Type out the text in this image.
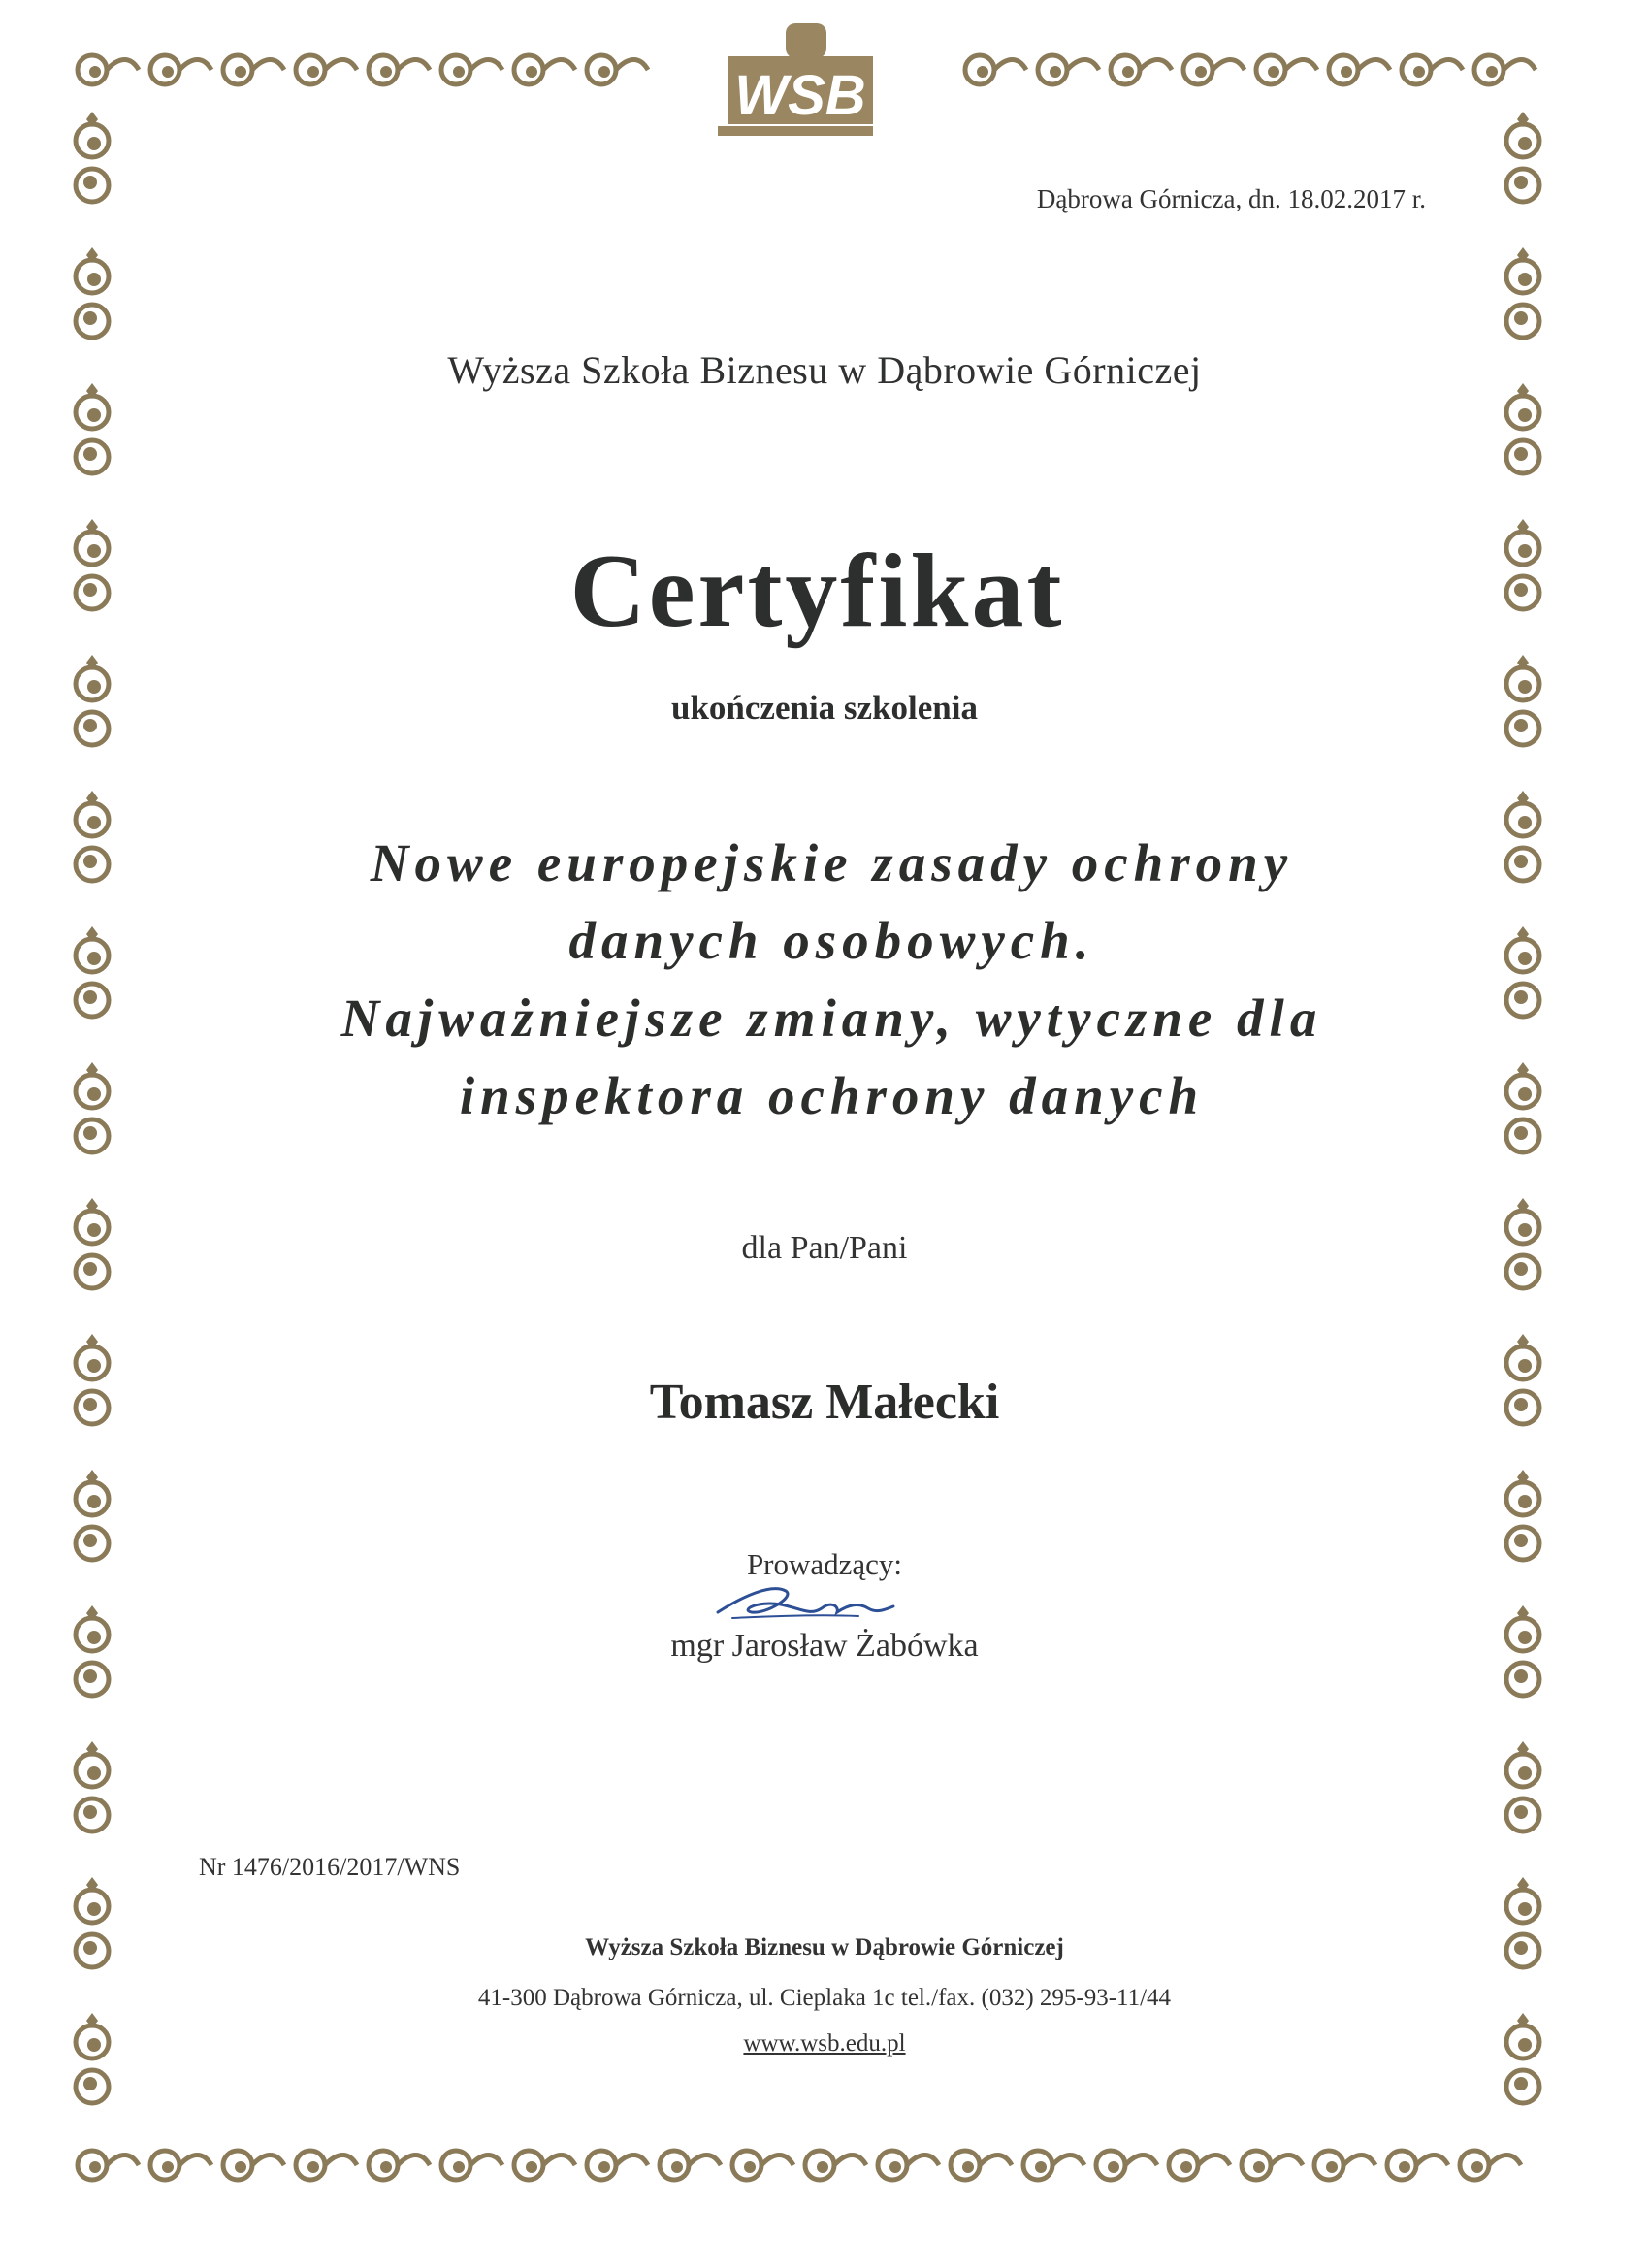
WSB
Dąbrowa Górnicza, dn. 18.02.2017 r.
Wyższa Szkoła Biznesu w Dąbrowie Górniczej
Certyfikat
ukończenia szkolenia
Nowe europejskie zasady ochrony
danych osobowych.
Najważniejsze zmiany, wytyczne dla
inspektora ochrony danych
dla Pan/Pani
Tomasz Małecki
Prowadzący:
mgr Jarosław Żabówka
Nr 1476/2016/2017/WNS
Wyższa Szkoła Biznesu w Dąbrowie Górniczej
41-300 Dąbrowa Górnicza, ul. Cieplaka 1c tel./fax. (032) 295-93-11/44
www.wsb.edu.pl
